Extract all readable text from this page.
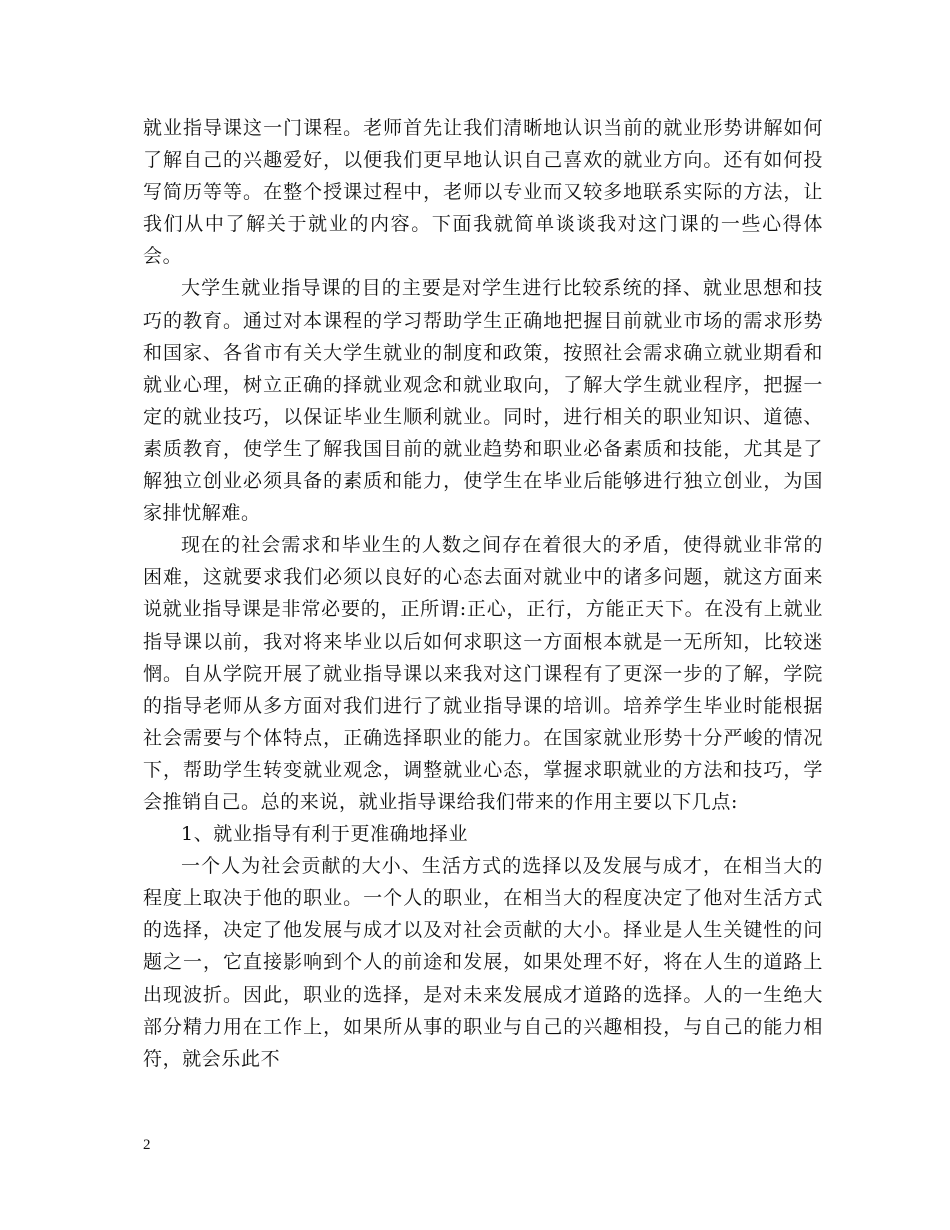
就业指导课这一门课程。老师首先让我们清晰地认识当前的就业形势讲解如何了解自己的兴趣爱好，以便我们更早地认识自己喜欢的就业方向。还有如何投写简历等等。在整个授课过程中，老师以专业而又较多地联系实际的方法，让我们从中了解关于就业的内容。下面我就简单谈谈我对这门课的一些心得体会。

大学生就业指导课的目的主要是对学生进行比较系统的择、就业思想和技巧的教育。通过对本课程的学习帮助学生正确地把握目前就业市场的需求形势和国家、各省市有关大学生就业的制度和政策，按照社会需求确立就业期看和就业心理，树立正确的择就业观念和就业取向，了解大学生就业程序，把握一定的就业技巧，以保证毕业生顺利就业。同时，进行相关的职业知识、道德、素质教育，使学生了解我国目前的就业趋势和职业必备素质和技能，尤其是了解独立创业必须具备的素质和能力，使学生在毕业后能够进行独立创业，为国家排忧解难。

现在的社会需求和毕业生的人数之间存在着很大的矛盾，使得就业非常的困难，这就要求我们必须以良好的心态去面对就业中的诸多问题，就这方面来说就业指导课是非常必要的，正所谓:正心，正行，方能正天下。在没有上就业指导课以前，我对将来毕业以后如何求职这一方面根本就是一无所知，比较迷惘。自从学院开展了就业指导课以来我对这门课程有了更深一步的了解，学院的指导老师从多方面对我们进行了就业指导课的培训。培养学生毕业时能根据社会需要与个体特点，正确选择职业的能力。在国家就业形势十分严峻的情况下，帮助学生转变就业观念，调整就业心态，掌握求职就业的方法和技巧，学会推销自己。总的来说，就业指导课给我们带来的作用主要以下几点:

1、就业指导有利于更准确地择业

一个人为社会贡献的大小、生活方式的选择以及发展与成才，在相当大的程度上取决于他的职业。一个人的职业，在相当大的程度决定了他对生活方式的选择，决定了他发展与成才以及对社会贡献的大小。择业是人生关键性的问题之一，它直接影响到个人的前途和发展，如果处理不好，将在人生的道路上出现波折。因此，职业的选择，是对未来发展成才道路的选择。人的一生绝大部分精力用在工作上，如果所从事的职业与自己的兴趣相投，与自己的能力相符，就会乐此不

2
